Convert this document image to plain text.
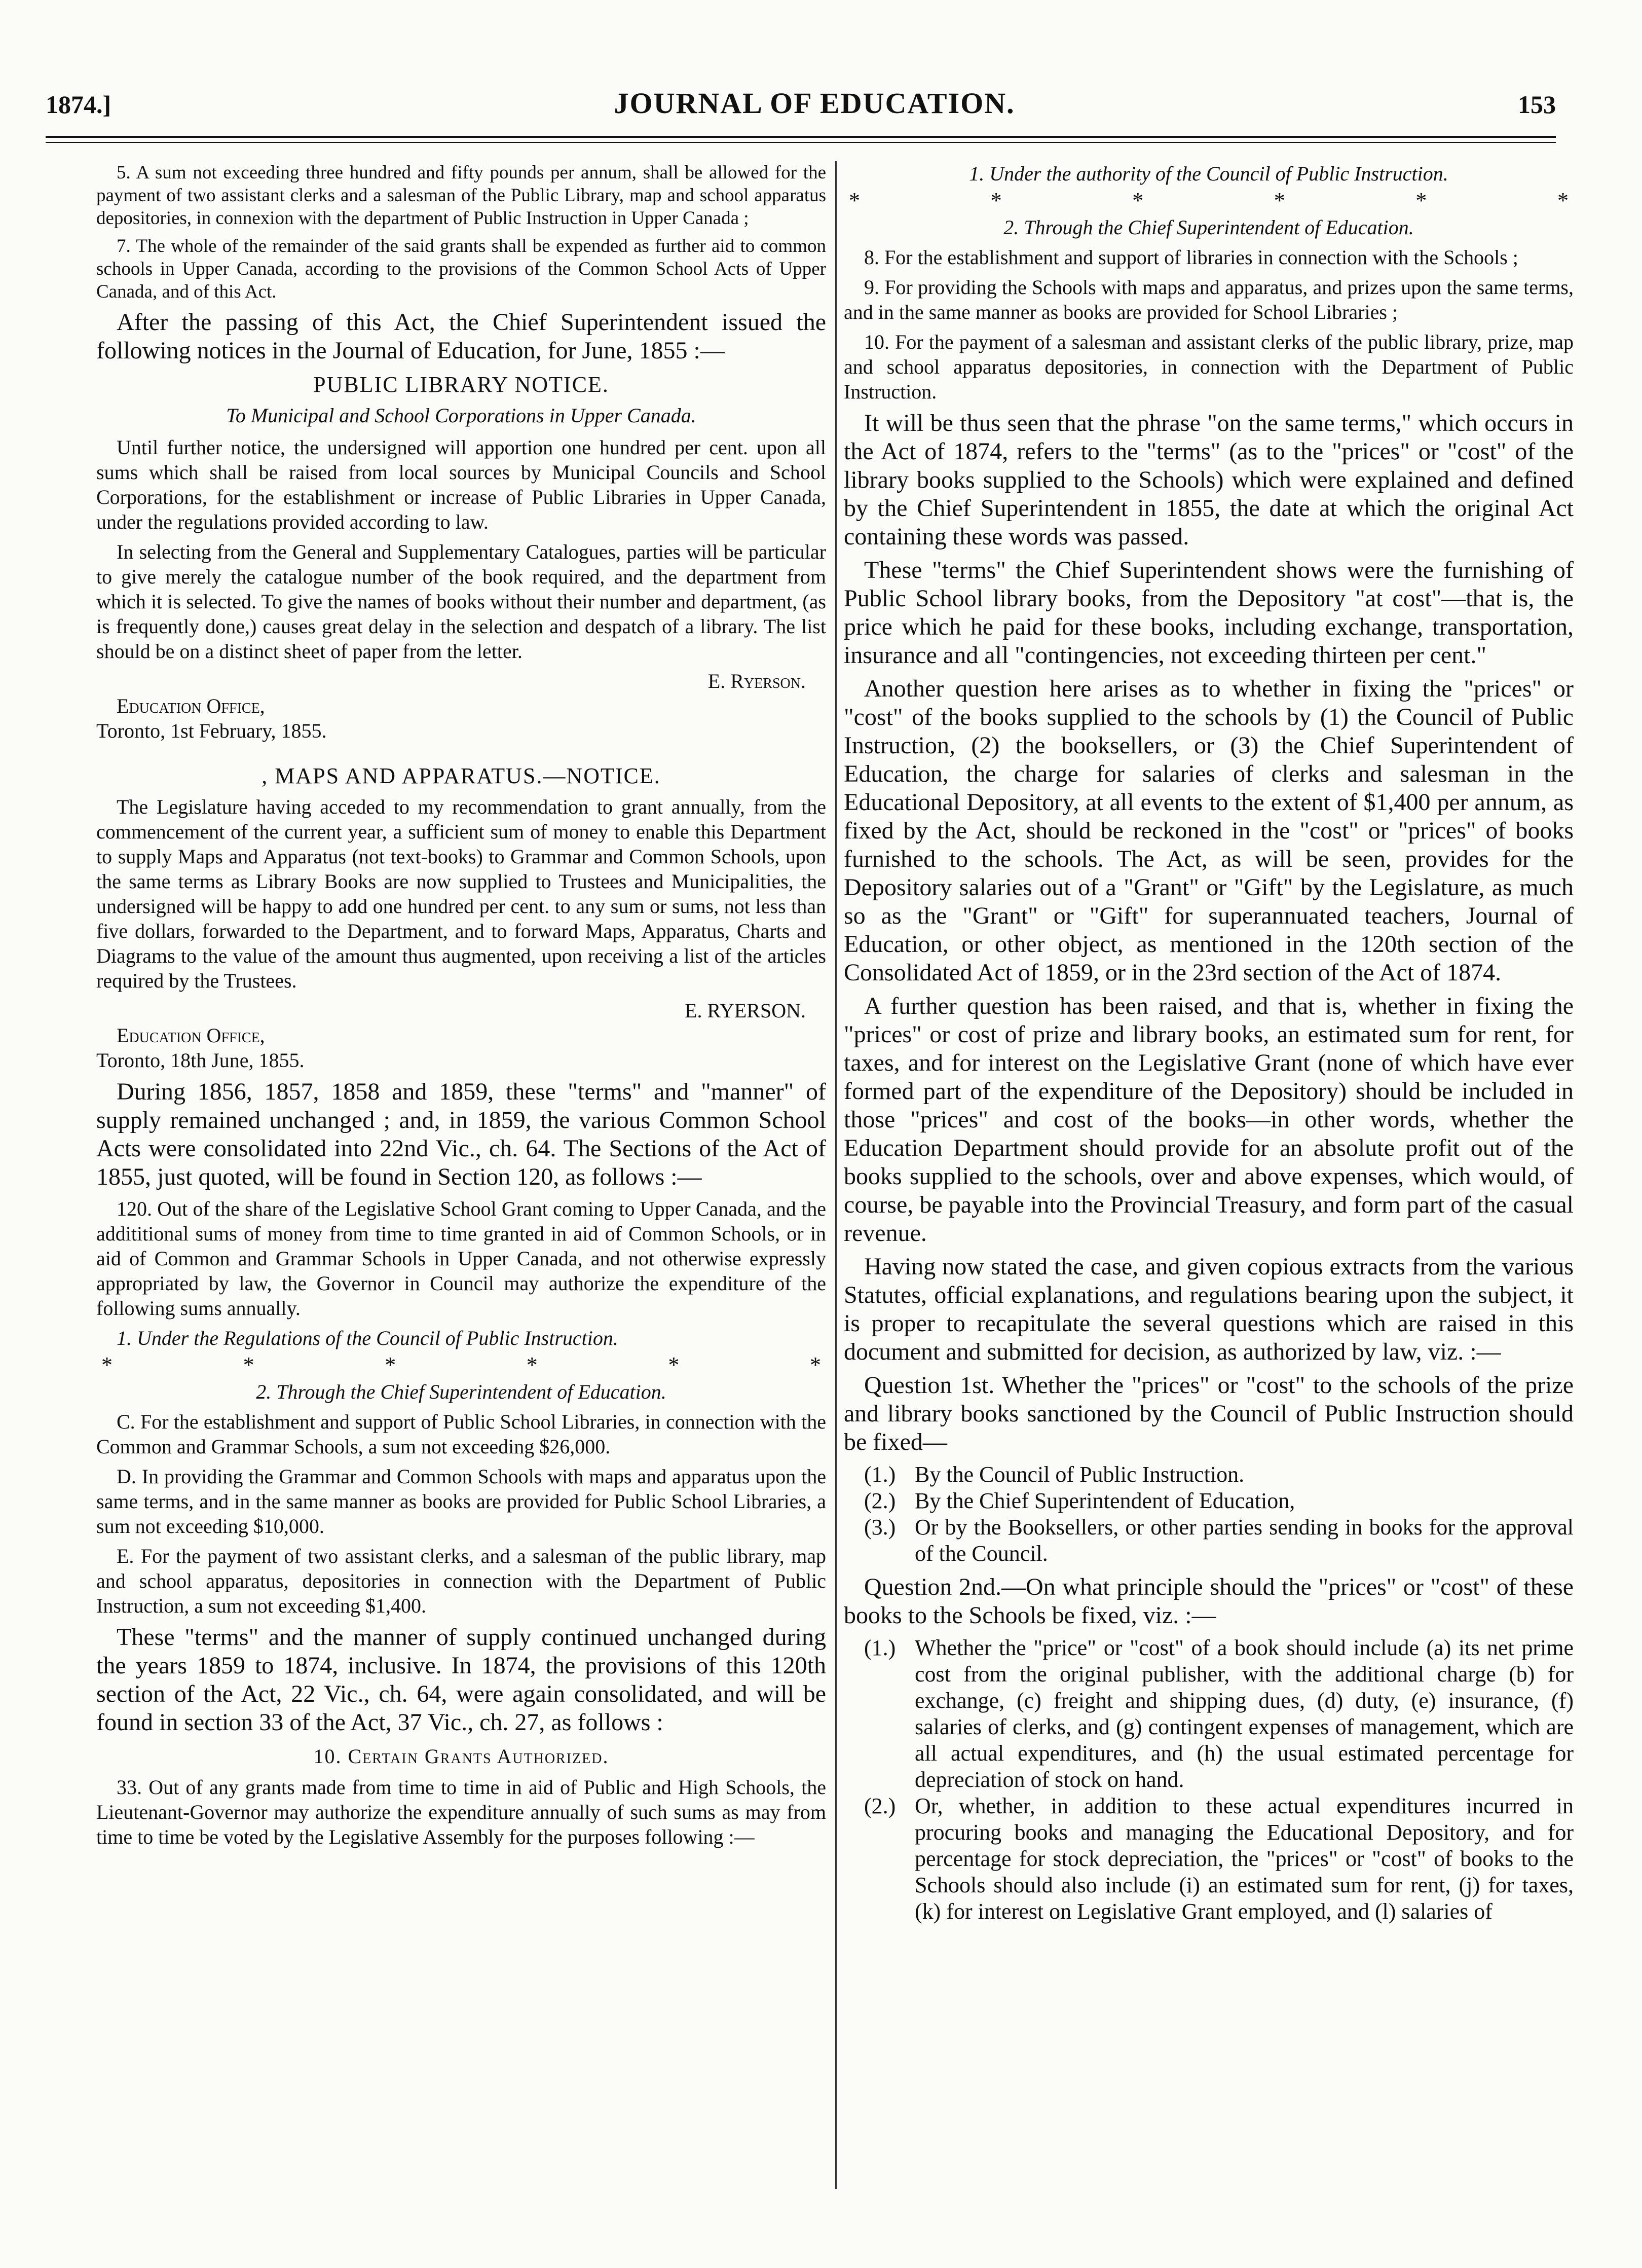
1874.]	JOURNAL OF EDUCATION.	153

5. A sum not exceeding three hundred and fifty pounds per annum, shall be allowed for the payment of two assistant clerks and a salesman of the Public Library, map and school apparatus depositories, in connexion with the department of Public Instruction in Upper Canada ;

7. The whole of the remainder of the said grants shall be expended as further aid to common schools in Upper Canada, according to the provisions of the Common School Acts of Upper Canada, and of this Act.

After the passing of this Act, the Chief Superintendent issued the following notices in the Journal of Education, for June, 1855 :—

PUBLIC LIBRARY NOTICE.
To Municipal and School Corporations in Upper Canada.

Until further notice, the undersigned will apportion one hundred per cent. upon all sums which shall be raised from local sources by Municipal Councils and School Corporations, for the establishment or increase of Public Libraries in Upper Canada, under the regulations provided according to law.

In selecting from the General and Supplementary Catalogues, parties will be particular to give merely the catalogue number of the book required, and the department from which it is selected. To give the names of books without their number and department, (as is frequently done,) causes great delay in the selection and despatch of a library. The list should be on a distinct sheet of paper from the letter.

E. Ryerson.

Education Office,

Toronto, 1st February, 1855.

, MAPS AND APPARATUS.—NOTICE.

The Legislature having acceded to my recommendation to grant annually, from the commencement of the current year, a sufficient sum of money to enable this Department to supply Maps and Apparatus (not text-books) to Grammar and Common Schools, upon the same terms as Library Books are now supplied to Trustees and Municipalities, the undersigned will be happy to add one hundred per cent. to any sum or sums, not less than five dollars, forwarded to the Department, and to forward Maps, Apparatus, Charts and Diagrams to the value of the amount thus augmented, upon receiving a list of the articles required by the Trustees.

E. RYERSON.

Education Office,

Toronto, 18th June, 1855.

During 1856, 1857, 1858 and 1859, these "terms" and "manner" of supply remained unchanged ; and, in 1859, the various Common School Acts were consolidated into 22nd Vic., ch. 64. The Sections of the Act of 1855, just quoted, will be found in Section 120, as follows :—

120. Out of the share of the Legislative School Grant coming to Upper Canada, and the addititional sums of money from time to time granted in aid of Common Schools, or in aid of Common and Grammar Schools in Upper Canada, and not otherwise expressly appropriated by law, the Governor in Council may authorize the expenditure of the following sums annually.

1. Under the Regulations of the Council of Public Instruction.

*	*	*	*	*	*

2. Through the Chief Superintendent of Education.

C. For the establishment and support of Public School Libraries, in connection with the Common and Grammar Schools, a sum not exceeding $26,000.

D. In providing the Grammar and Common Schools with maps and apparatus upon the same terms, and in the same manner as books are provided for Public School Libraries, a sum not exceeding $10,000.

E. For the payment of two assistant clerks, and a salesman of the public library, map and school apparatus, depositories in connection with the Department of Public Instruction, a sum not exceeding $1,400.

These "terms" and the manner of supply continued unchanged during the years 1859 to 1874, inclusive. In 1874, the provisions of this 120th section of the Act, 22 Vic., ch. 64, were again consolidated, and will be found in section 33 of the Act, 37 Vic., ch. 27, as follows :

10. Certain Grants Authorized.

33. Out of any grants made from time to time in aid of Public and High Schools, the Lieutenant-Governor may authorize the expenditure annually of such sums as may from time to time be voted by the Legislative Assembly for the purposes following :—

1. Under the authority of the Council of Public Instruction.

*	*	*	*	*	*

2. Through the Chief Superintendent of Education.

8. For the establishment and support of libraries in connection with the Schools ;

9. For providing the Schools with maps and apparatus, and prizes upon the same terms, and in the same manner as books are provided for School Libraries ;

10. For the payment of a salesman and assistant clerks of the public library, prize, map and school apparatus depositories, in connection with the Department of Public Instruction.

It will be thus seen that the phrase "on the same terms," which occurs in the Act of 1874, refers to the "terms" (as to the "prices" or "cost" of the library books supplied to the Schools) which were explained and defined by the Chief Superintendent in 1855, the date at which the original Act containing these words was passed.

These "terms" the Chief Superintendent shows were the furnishing of Public School library books, from the Depository "at cost"—that is, the price which he paid for these books, including exchange, transportation, insurance and all "contingencies, not exceeding thirteen per cent."

Another question here arises as to whether in fixing the "prices" or "cost" of the books supplied to the schools by (1) the Council of Public Instruction, (2) the booksellers, or (3) the Chief Superintendent of Education, the charge for salaries of clerks and salesman in the Educational Depository, at all events to the extent of $1,400 per annum, as fixed by the Act, should be reckoned in the "cost" or "prices" of books furnished to the schools. The Act, as will be seen, provides for the Depository salaries out of a "Grant" or "Gift" by the Legislature, as much so as the "Grant" or "Gift" for superannuated teachers, Journal of Education, or other object, as mentioned in the 120th section of the Consolidated Act of 1859, or in the 23rd section of the Act of 1874.

A further question has been raised, and that is, whether in fixing the "prices" or cost of prize and library books, an estimated sum for rent, for taxes, and for interest on the Legislative Grant (none of which have ever formed part of the expenditure of the Depository) should be included in those "prices" and cost of the books—in other words, whether the Education Department should provide for an absolute profit out of the books supplied to the schools, over and above expenses, which would, of course, be payable into the Provincial Treasury, and form part of the casual revenue.

Having now stated the case, and given copious extracts from the various Statutes, official explanations, and regulations bearing upon the subject, it is proper to recapitulate the several questions which are raised in this document and submitted for decision, as authorized by law, viz. :—

Question 1st. Whether the "prices" or "cost" to the schools of the prize and library books sanctioned by the Council of Public Instruction should be fixed—

(1.) By the Council of Public Instruction.
(2.) By the Chief Superintendent of Education,
(3.) Or by the Booksellers, or other parties sending in books for the approval of the Council.

Question 2nd.—On what principle should the "prices" or "cost" of these books to the Schools be fixed, viz. :—

(1.) Whether the "price" or "cost" of a book should include (a) its net prime cost from the original publisher, with the additional charge (b) for exchange, (c) freight and shipping dues, (d) duty, (e) insurance, (f) salaries of clerks, and (g) contingent expenses of management, which are all actual expenditures, and (h) the usual estimated percentage for depreciation of stock on hand.
(2.) Or, whether, in addition to these actual expenditures incurred in procuring books and managing the Educational Depository, and for percentage for stock depreciation, the "prices" or "cost" of books to the Schools should also include (i) an estimated sum for rent, (j) for taxes, (k) for interest on Legislative Grant employed, and (l) salaries of
